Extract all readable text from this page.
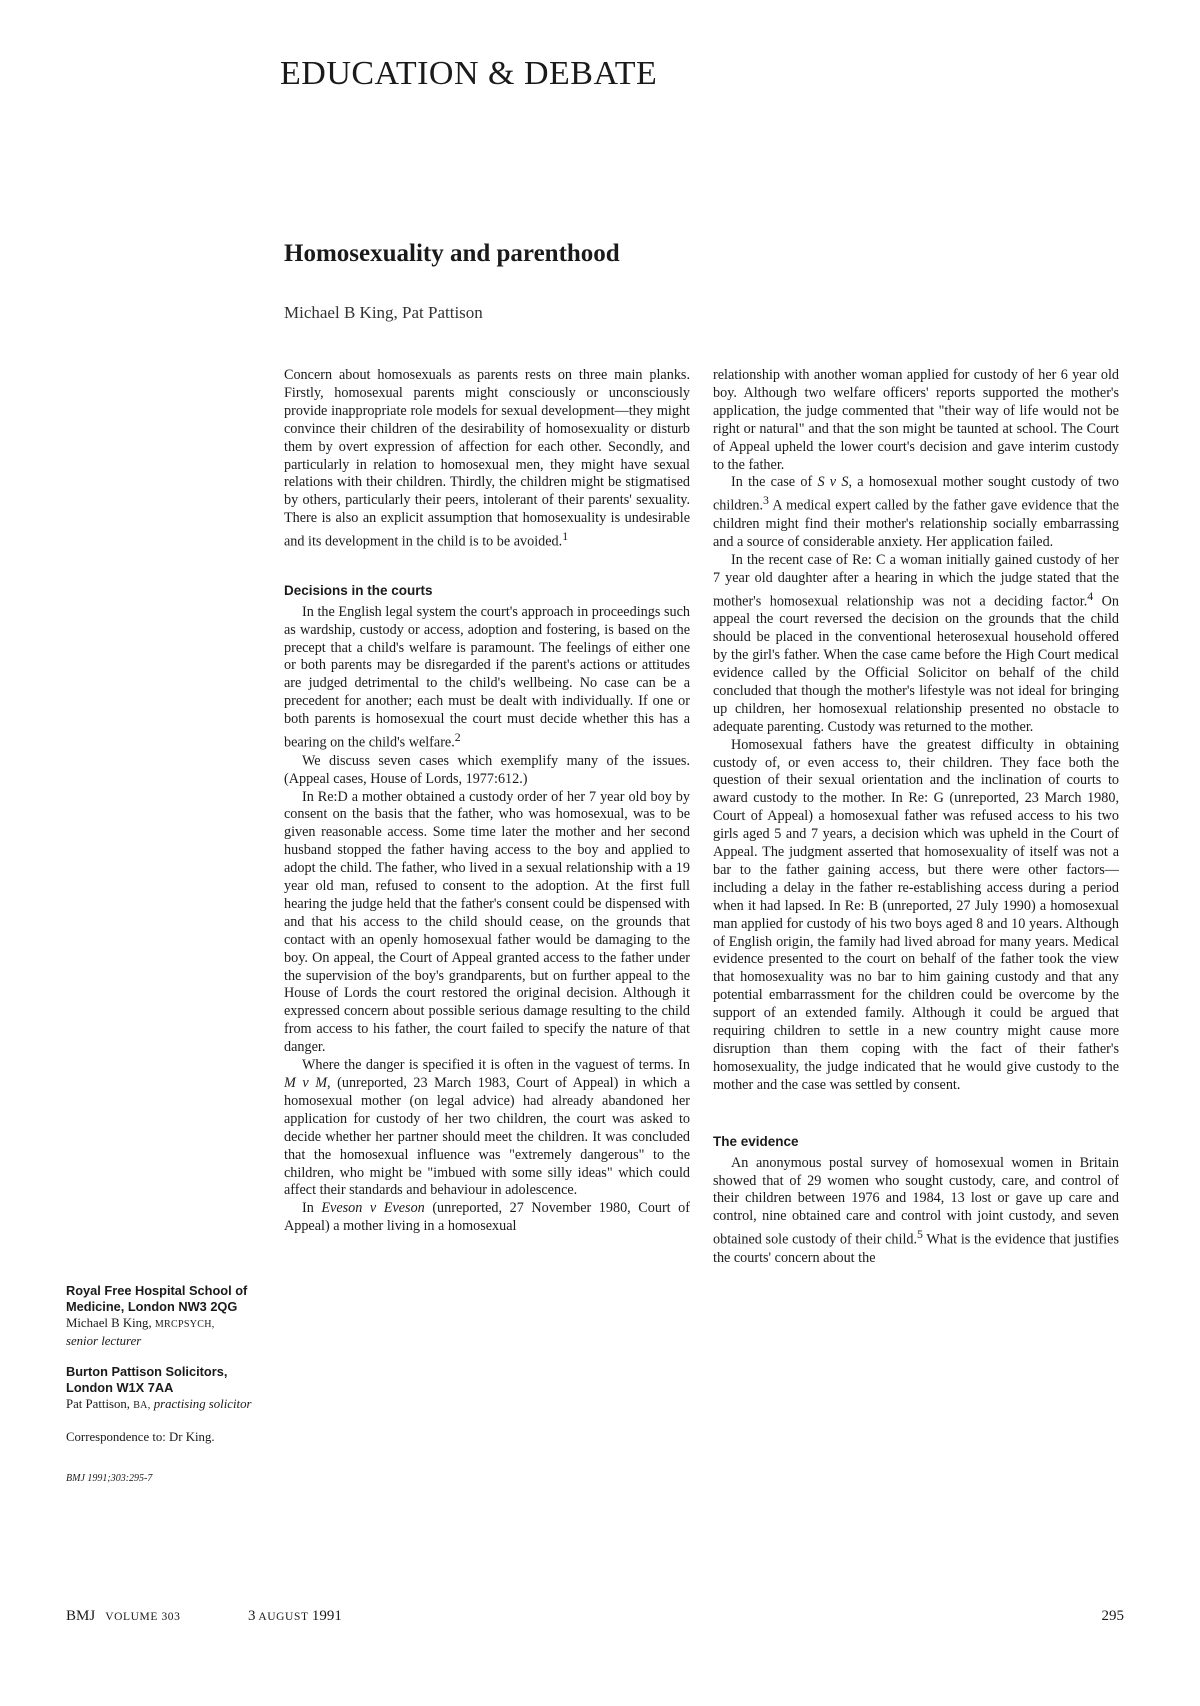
EDUCATION & DEBATE
Homosexuality and parenthood

Michael B King, Pat Pattison

Concern about homosexuals as parents rests on three main planks. Firstly, homosexual parents might consciously or unconsciously provide inappropriate role models for sexual development—they might convince their children of the desirability of homosexuality or disturb them by overt expression of affection for each other. Secondly, and particularly in relation to homosexual men, they might have sexual relations with their children. Thirdly, the children might be stigmatised by others, particularly their peers, intolerant of their parents' sexuality. There is also an explicit assumption that homosexuality is undesirable and its development in the child is to be avoided.$^1$

Decisions in the courts

In the English legal system the court's approach in proceedings such as wardship, custody or access, adoption and fostering, is based on the precept that a child's welfare is paramount. The feelings of either one or both parents may be disregarded if the parent's actions or attitudes are judged detrimental to the child's wellbeing. No case can be a precedent for another; each must be dealt with individually. If one or both parents is homosexual the court must decide whether this has a bearing on the child's welfare.$^2$

We discuss seven cases which exemplify many of the issues. (Appeal cases, House of Lords, 1977:612.)

In Re:D a mother obtained a custody order of her 7 year old boy by consent on the basis that the father, who was homosexual, was to be given reasonable access. Some time later the mother and her second husband stopped the father having access to the boy and applied to adopt the child. The father, who lived in a sexual relationship with a 19 year old man, refused to consent to the adoption. At the first full hearing the judge held that the father's consent could be dispensed with and that his access to the child should cease, on the grounds that contact with an openly homosexual father would be damaging to the boy. On appeal, the Court of Appeal granted access to the father under the supervision of the boy's grandparents, but on further appeal to the House of Lords the court restored the original decision. Although it expressed concern about possible serious damage resulting to the child from access to his father, the court failed to specify the nature of that danger.

Where the danger is specified it is often in the vaguest of terms. In M v M, (unreported, 23 March 1983, Court of Appeal) in which a homosexual mother (on legal advice) had already abandoned her application for custody of her two children, the court was asked to decide whether her partner should meet the children. It was concluded that the homosexual influence was "extremely dangerous" to the children, who might be "imbued with some silly ideas" which could affect their standards and behaviour in adolescence.

In Eveson v Eveson (unreported, 27 November 1980, Court of Appeal) a mother living in a homosexual

relationship with another woman applied for custody of her 6 year old boy. Although two welfare officers' reports supported the mother's application, the judge commented that "their way of life would not be right or natural" and that the son might be taunted at school. The Court of Appeal upheld the lower court's decision and gave interim custody to the father.

In the case of S v S, a homosexual mother sought custody of two children.$^3$ A medical expert called by the father gave evidence that the children might find their mother's relationship socially embarrassing and a source of considerable anxiety. Her application failed.

In the recent case of Re: C a woman initially gained custody of her 7 year old daughter after a hearing in which the judge stated that the mother's homosexual relationship was not a deciding factor.$^4$ On appeal the court reversed the decision on the grounds that the child should be placed in the conventional heterosexual household offered by the girl's father. When the case came before the High Court medical evidence called by the Official Solicitor on behalf of the child concluded that though the mother's lifestyle was not ideal for bringing up children, her homosexual relationship presented no obstacle to adequate parenting. Custody was returned to the mother.

Homosexual fathers have the greatest difficulty in obtaining custody of, or even access to, their children. They face both the question of their sexual orientation and the inclination of courts to award custody to the mother. In Re: G (unreported, 23 March 1980, Court of Appeal) a homosexual father was refused access to his two girls aged 5 and 7 years, a decision which was upheld in the Court of Appeal. The judgment asserted that homosexuality of itself was not a bar to the father gaining access, but there were other factors—including a delay in the father re-establishing access during a period when it had lapsed. In Re: B (unreported, 27 July 1990) a homosexual man applied for custody of his two boys aged 8 and 10 years. Although of English origin, the family had lived abroad for many years. Medical evidence presented to the court on behalf of the father took the view that homosexuality was no bar to him gaining custody and that any potential embarrassment for the children could be overcome by the support of an extended family. Although it could be argued that requiring children to settle in a new country might cause more disruption than them coping with the fact of their father's homosexuality, the judge indicated that he would give custody to the mother and the case was settled by consent.

The evidence

An anonymous postal survey of homosexual women in Britain showed that of 29 women who sought custody, care, and control of their children between 1976 and 1984, 13 lost or gave up care and control, nine obtained care and control with joint custody, and seven obtained sole custody of their child.$^5$ What is the evidence that justifies the courts' concern about the

Royal Free Hospital School of Medicine, London NW3 2QG
Michael B King, MRCPSYCH,
senior lecturer
Burton Pattison Solicitors, London W1X 7AA
Pat Pattison, BA, practising solicitor
Correspondence to: Dr King.
BMJ 1991;303:295-7
BMJ VOLUME 303	3 AUGUST 1991	295
